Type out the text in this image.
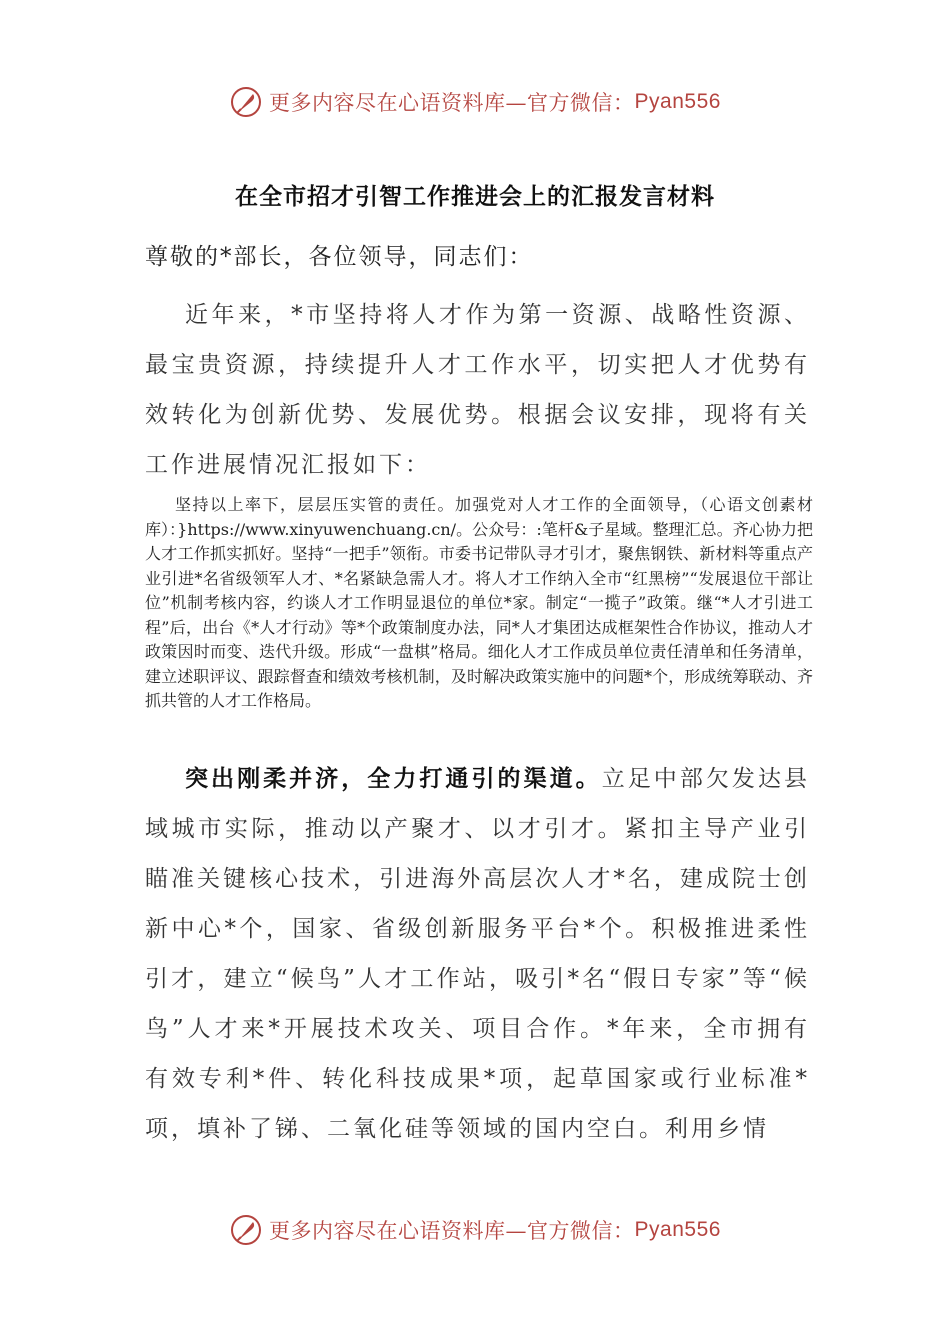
更多内容尽在心语资料库—官方微信： Pyan556
在全市招才引智工作推进会上的汇报发言材料
尊敬的*部长，各位领导，同志们：

近年来，*市坚持将人才作为第一资源、战略性资源、最宝贵资源，持续提升人才工作水平，切实把人才优势有效转化为创新优势、发展优势。根据会议安排，现将有关工作进展情况汇报如下：

坚持以上率下，层层压实管的责任。加强党对人才工作的全面领导，（心语文创素材库）：}https://www.xinyuwenchuang.cn/。公众号：:笔杆&子星域。整理汇总。齐心协力把人才工作抓实抓好。坚持“一把手”领衔。市委书记带队寻才引才，聚焦钢铁、新材料等重点产业引进*名省级领军人才、*名紧缺急需人才。将人才工作纳入全市“红黑榜”“发展退位干部让位”机制考核内容，约谈人才工作明显退位的单位*家。制定“一揽子”政策。继“*人才引进工程”后，出台《*人才行动》等*个政策制度办法，同*人才集团达成框架性合作协议，推动人才政策因时而变、迭代升级。形成“一盘棋”格局。细化人才工作成员单位责任清单和任务清单，建立述职评议、跟踪督查和绩效考核机制，及时解决政策实施中的问题*个，形成统筹联动、齐抓共管的人才工作格局。

突出刚柔并济，全力打通引的渠道。立足中部欠发达县域城市实际，推动以产聚才、以才引才。紧扣主导产业引瞄准关键核心技术，引进海外高层次人才*名，建成院士创新中心*个，国家、省级创新服务平台*个。积极推进柔性引才，建立“候鸟”人才工作站，吸引*名“假日专家”等“候鸟”人才来*开展技术攻关、项目合作。*年来，全市拥有有效专利*件、转化科技成果*项，起草国家或行业标准*项，填补了锑、二氧化硅等领域的国内空白。利用乡情

更多内容尽在心语资料库—官方微信： Pyan556
